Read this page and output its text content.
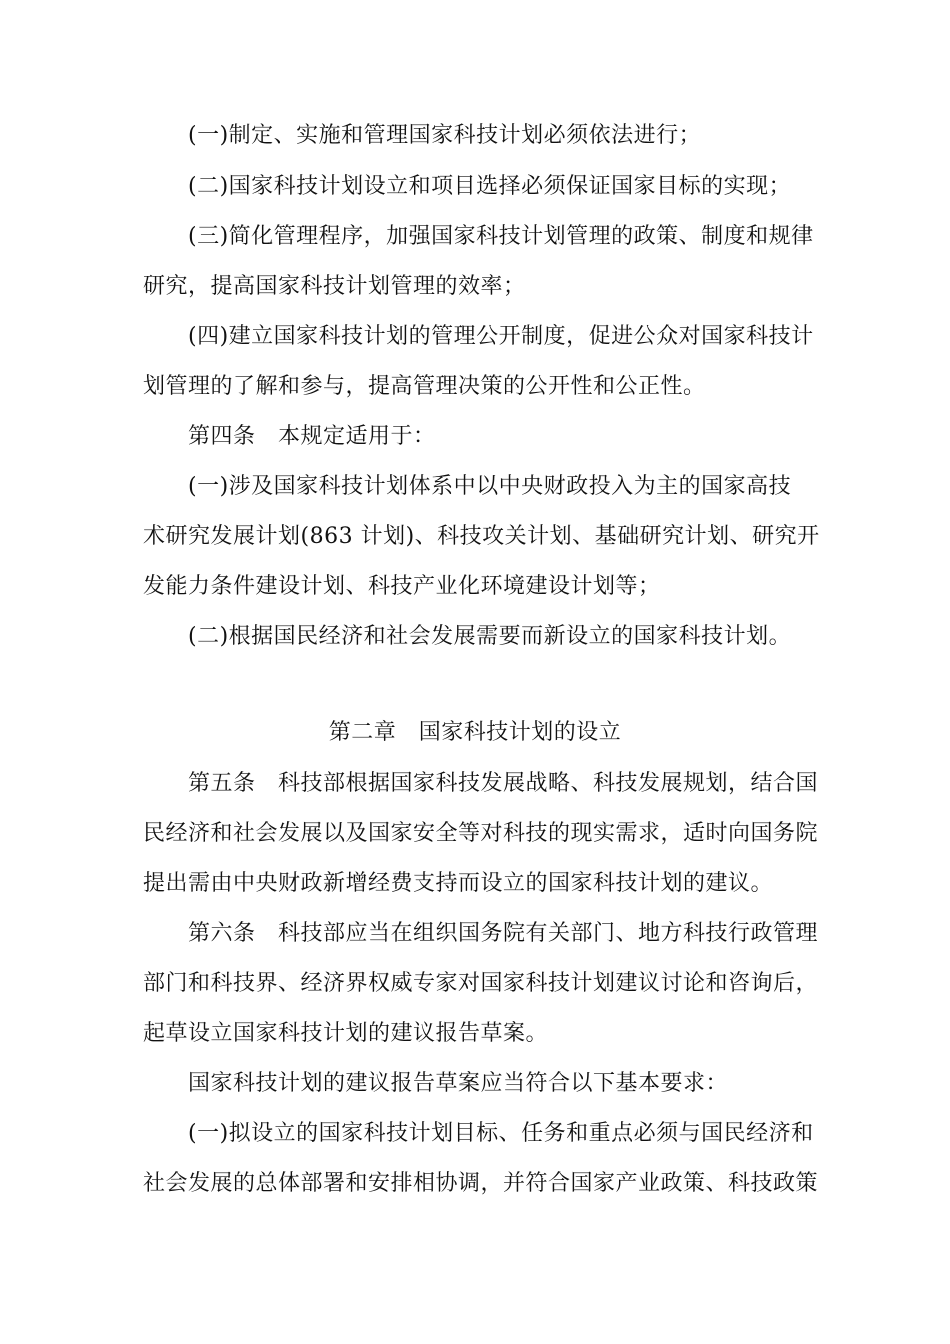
(一)制定、实施和管理国家科技计划必须依法进行；
(二)国家科技计划设立和项目选择必须保证国家目标的实现；
(三)简化管理程序，加强国家科技计划管理的政策、制度和规律
研究，提高国家科技计划管理的效率；
(四)建立国家科技计划的管理公开制度，促进公众对国家科技计
划管理的了解和参与，提高管理决策的公开性和公正性。
第四条　本规定适用于：
(一)涉及国家科技计划体系中以中央财政投入为主的国家高技
术研究发展计划(863 计划)、科技攻关计划、基础研究计划、研究开
发能力条件建设计划、科技产业化环境建设计划等；
(二)根据国民经济和社会发展需要而新设立的国家科技计划。
第二章　国家科技计划的设立
第五条　科技部根据国家科技发展战略、科技发展规划，结合国
民经济和社会发展以及国家安全等对科技的现实需求，适时向国务院
提出需由中央财政新增经费支持而设立的国家科技计划的建议。
第六条　科技部应当在组织国务院有关部门、地方科技行政管理
部门和科技界、经济界权威专家对国家科技计划建议讨论和咨询后，
起草设立国家科技计划的建议报告草案。
国家科技计划的建议报告草案应当符合以下基本要求：
(一)拟设立的国家科技计划目标、任务和重点必须与国民经济和
社会发展的总体部署和安排相协调，并符合国家产业政策、科技政策
